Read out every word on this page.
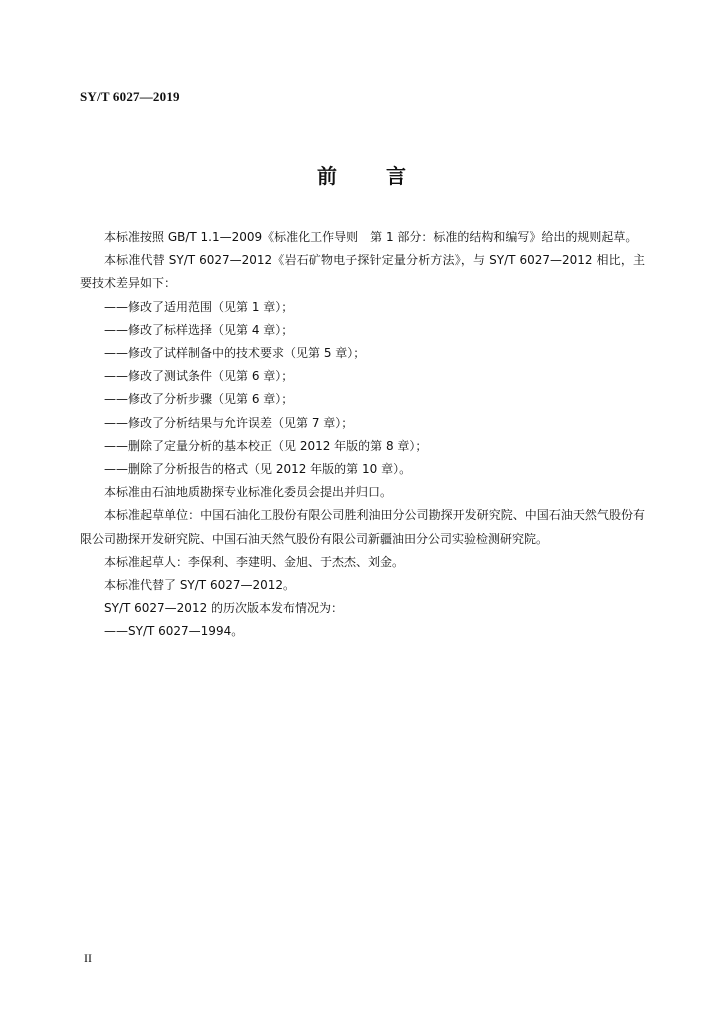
SY/T 6027—2019
前 言

本标准按照 GB/T 1.1—2009《标准化工作导则　第 1 部分：标准的结构和编写》给出的规则起草。

本标准代替 SY/T 6027—2012《岩石矿物电子探针定量分析方法》，与 SY/T 6027—2012 相比，主要技术差异如下：

——修改了适用范围（见第 1 章）；

——修改了标样选择（见第 4 章）；

——修改了试样制备中的技术要求（见第 5 章）；

——修改了测试条件（见第 6 章）；

——修改了分析步骤（见第 6 章）；

——修改了分析结果与允许误差（见第 7 章）；

——删除了定量分析的基本校正（见 2012 年版的第 8 章）；

——删除了分析报告的格式（见 2012 年版的第 10 章）。

本标准由石油地质勘探专业标准化委员会提出并归口。

本标准起草单位：中国石油化工股份有限公司胜利油田分公司勘探开发研究院、中国石油天然气股份有限公司勘探开发研究院、中国石油天然气股份有限公司新疆油田分公司实验检测研究院。

本标准起草人：李保利、李建明、金旭、于杰杰、刘金。

本标准代替了 SY/T 6027—2012。

SY/T 6027—2012 的历次版本发布情况为：

——SY/T 6027—1994。

II
